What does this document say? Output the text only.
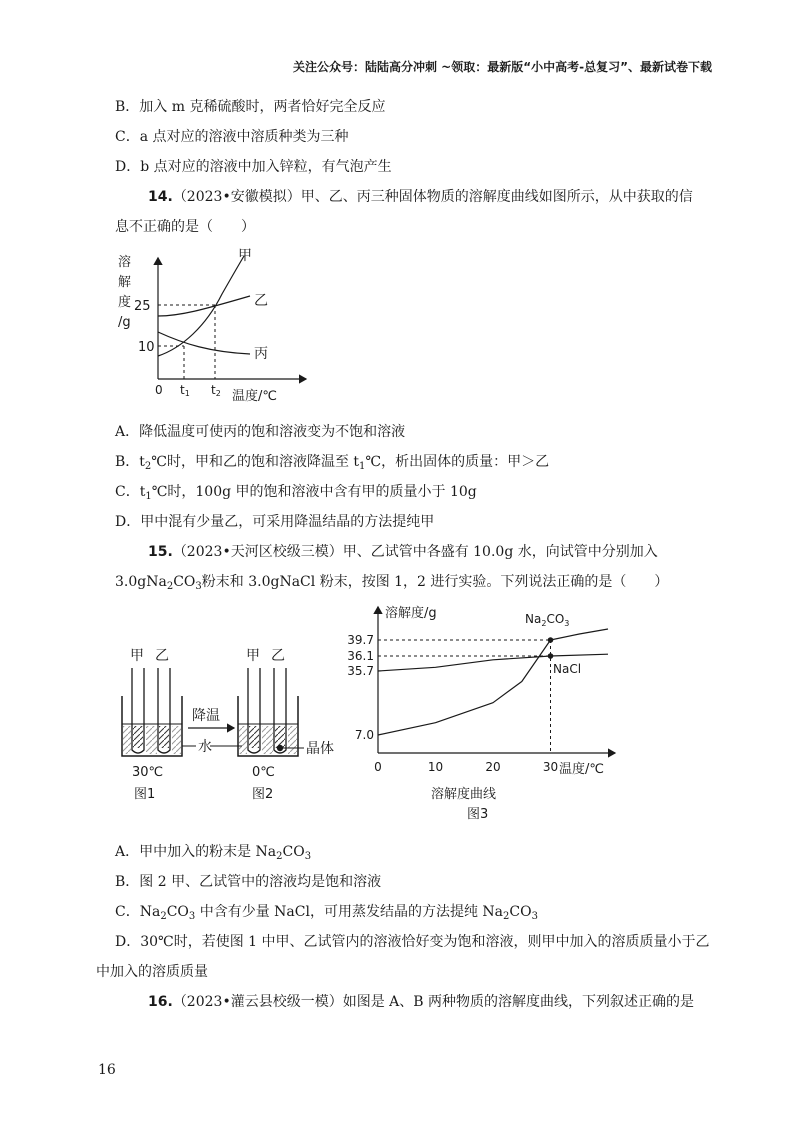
关注公众号：陆陆高分冲刺 ~领取：最新版“小中高考-总复习”、最新试卷下载
B．加入 m 克稀硫酸时，两者恰好完全反应
C．a 点对应的溶液中溶质种类为三种
D．b 点对应的溶液中加入锌粒，有气泡产生
14.（2023•安徽模拟）甲、乙、丙三种固体物质的溶解度曲线如图所示，从中获取的信
息不正确的是（　　）
溶
解
度
/g
25
10
甲
乙
丙
0 t1 t2 温度/℃
A．降低温度可使丙的饱和溶液变为不饱和溶液
B．$t_2℃$时，甲和乙的饱和溶液降温至 $t_1℃$，析出固体的质量：甲＞乙
C．$t_1℃$时，100g 甲的饱和溶液中含有甲的质量小于 10g
D．甲中混有少量乙，可采用降温结晶的方法提纯甲
15.（2023•天河区校级三模）甲、乙试管中各盛有 10.0g 水，向试管中分别加入
$3.0gNa_2CO_3$粉末和 3.0gNaCl 粉末，按图 1，2 进行实验。下列说法正确的是（　　）
甲 乙
30℃
图1
降温
水
甲 乙
晶体
0℃
图2
溶解度/g
温度/℃
39.7
36.1
35.7
7.0
0	10	20	30
$Na_2CO_3$
NaCl
溶解度曲线
图3
A．甲中加入的粉末是 $Na_2CO_3$
B．图 2 甲、乙试管中的溶液均是饱和溶液
C．$Na_2CO_3$ 中含有少量 NaCl，可用蒸发结晶的方法提纯 $Na_2CO_3$
D．30℃时，若使图 1 中甲、乙试管内的溶液恰好变为饱和溶液，则甲中加入的溶质质量小于乙
中加入的溶质质量
16.（2023•灌云县校级一模）如图是 A、B 两种物质的溶解度曲线，下列叙述正确的是
16
